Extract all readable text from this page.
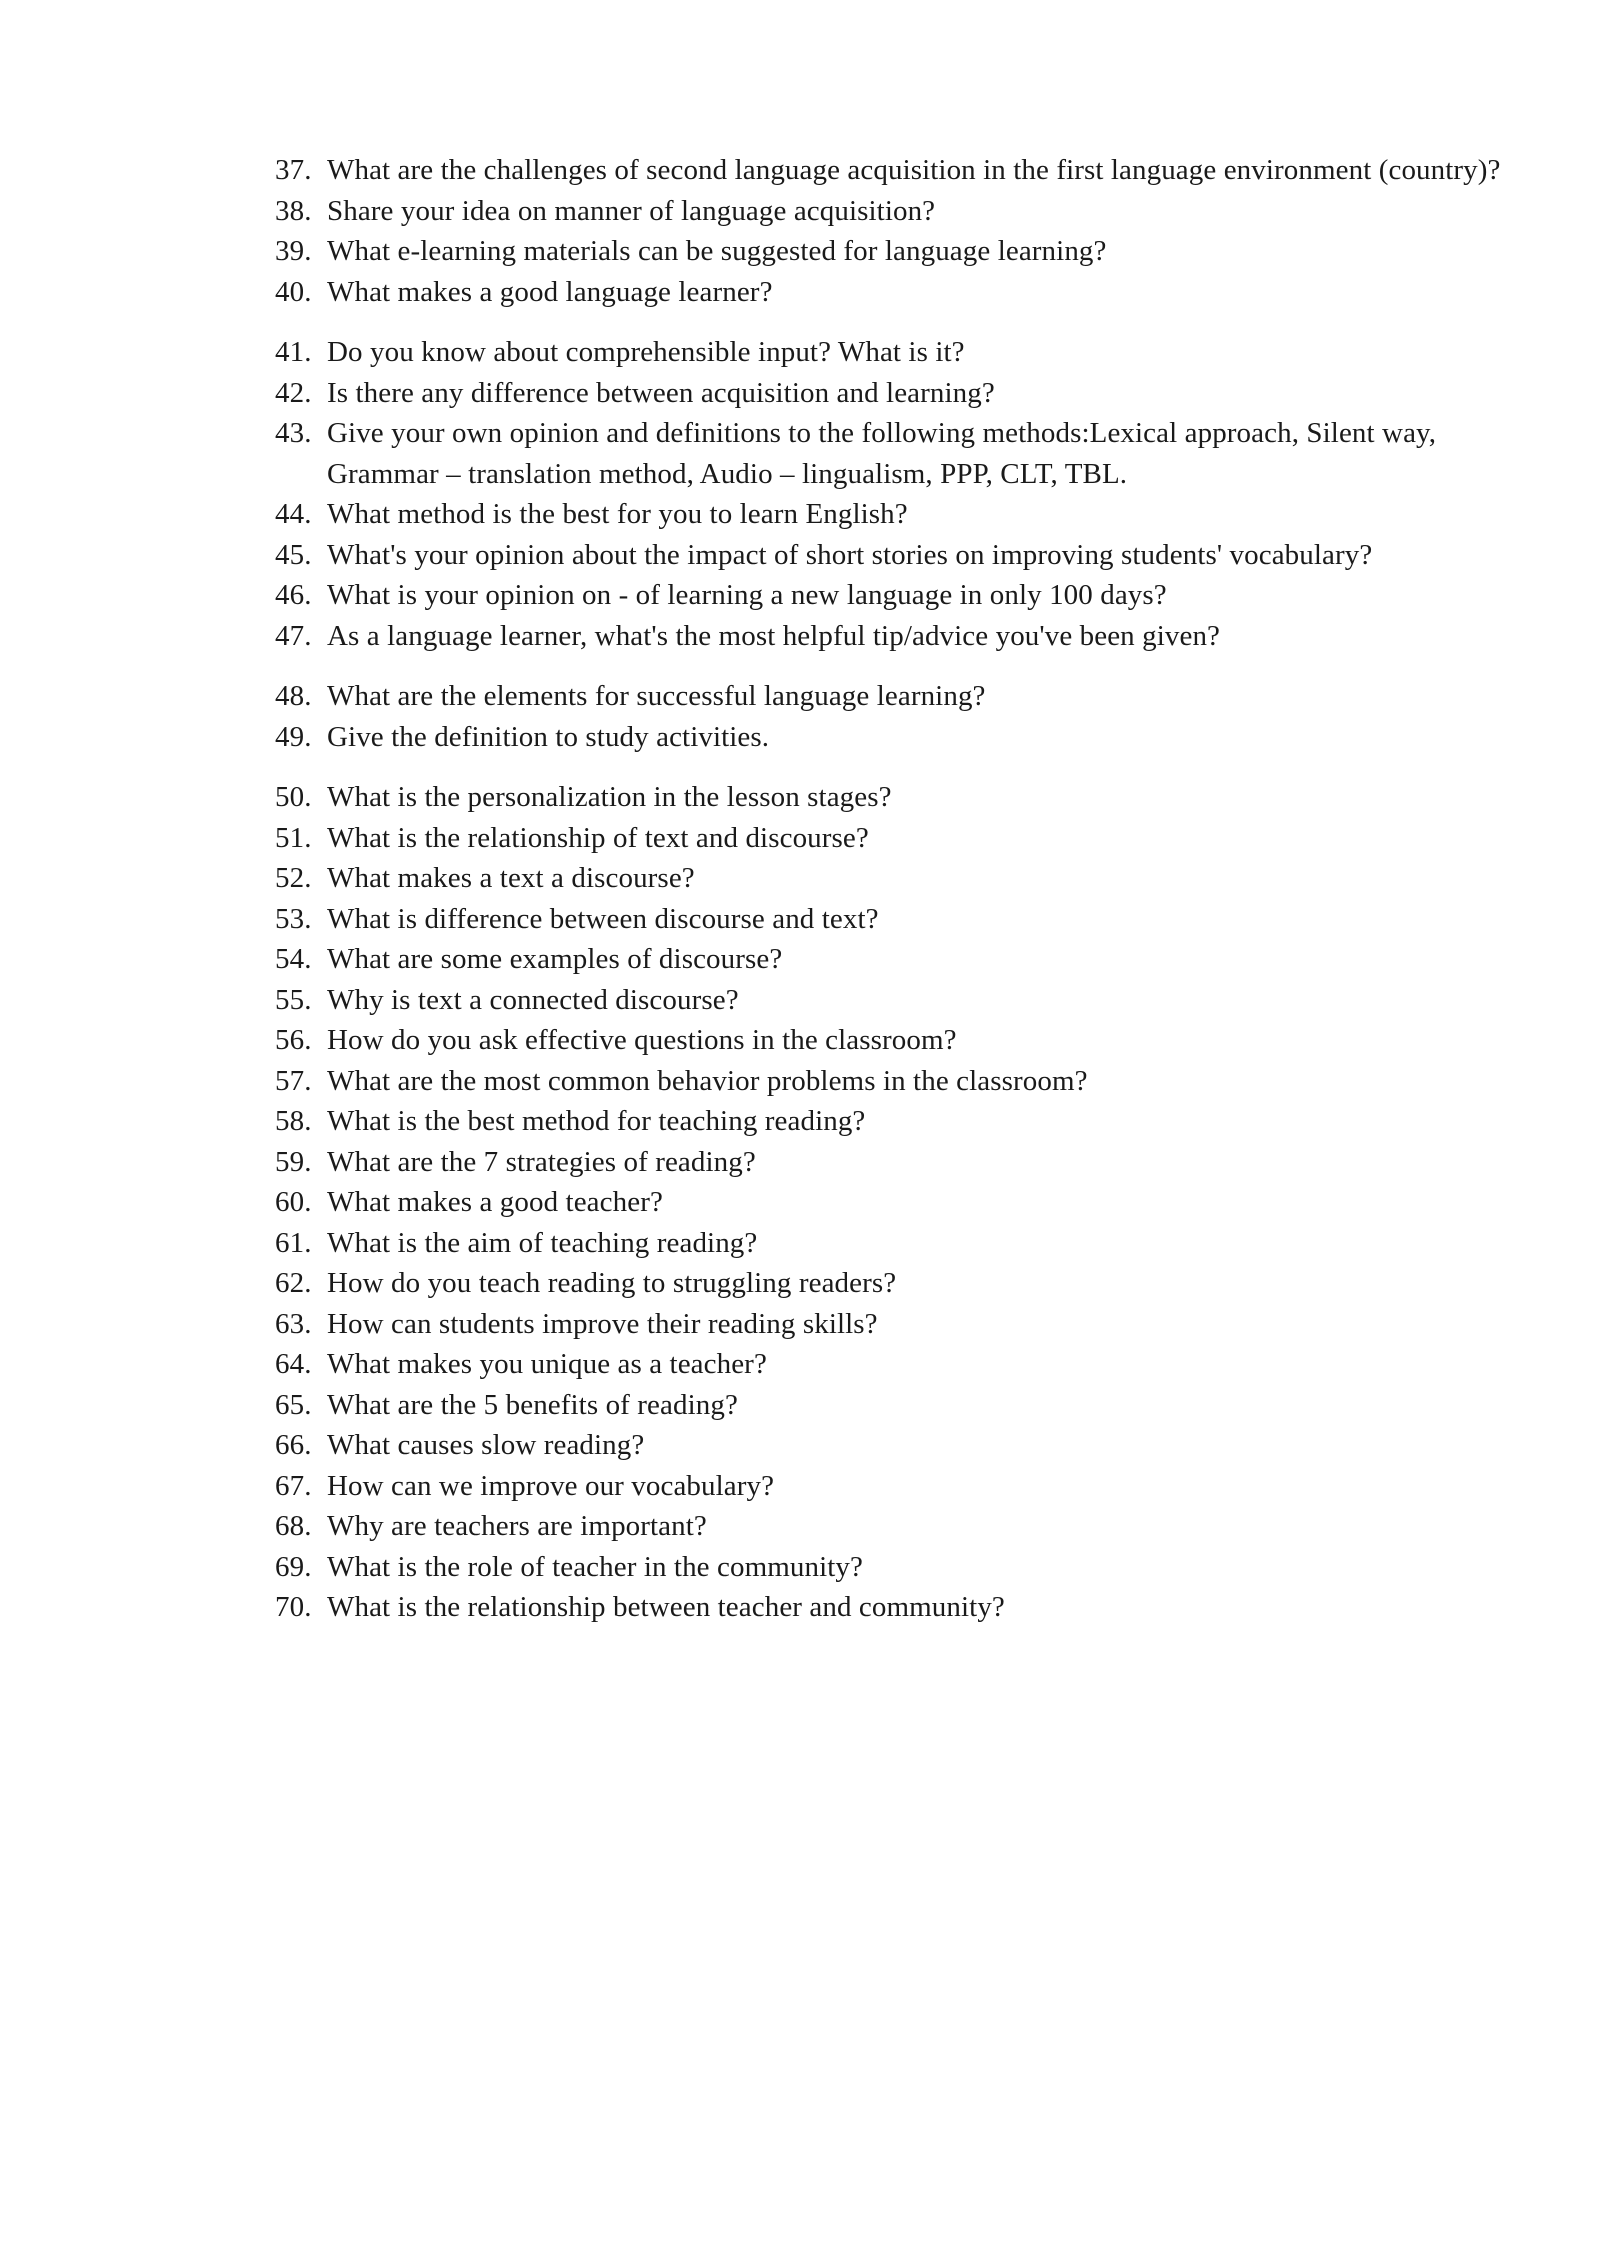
37. What are the challenges of second language acquisition in the first language environment (country)?
38. Share your idea on manner of language acquisition?
39. What e-learning materials can be suggested for language learning?
40. What makes a good language learner?
41. Do you know about comprehensible input? What is it?
42. Is there any difference between acquisition and learning?
43. Give your own opinion and definitions to the following methods:Lexical approach, Silent way, Grammar – translation method, Audio – lingualism, PPP, CLT, TBL.
44. What method is the best for you to learn English?
45. What's your opinion about the impact of short stories on improving students' vocabulary?
46. What is your opinion on - of learning a new language in only 100 days?
47. As a language learner, what's the most helpful tip/advice you've been given?
48. What are the elements for successful language learning?
49. Give the definition to study activities.
50. What is the personalization in the lesson stages?
51. What is the relationship of text and discourse?
52. What makes a text a discourse?
53. What is difference between discourse and text?
54. What are some examples of discourse?
55. Why is text a connected discourse?
56. How do you ask effective questions in the classroom?
57. What are the most common behavior problems in the classroom?
58. What is the best method for teaching reading?
59. What are the 7 strategies of reading?
60. What makes a good teacher?
61. What is the aim of teaching reading?
62. How do you teach reading to struggling readers?
63. How can students improve their reading skills?
64. What makes you unique as a teacher?
65. What are the 5 benefits of reading?
66. What causes slow reading?
67. How can we improve our vocabulary?
68. Why are teachers are important?
69. What is the role of teacher in the community?
70. What is the relationship between teacher and community?
